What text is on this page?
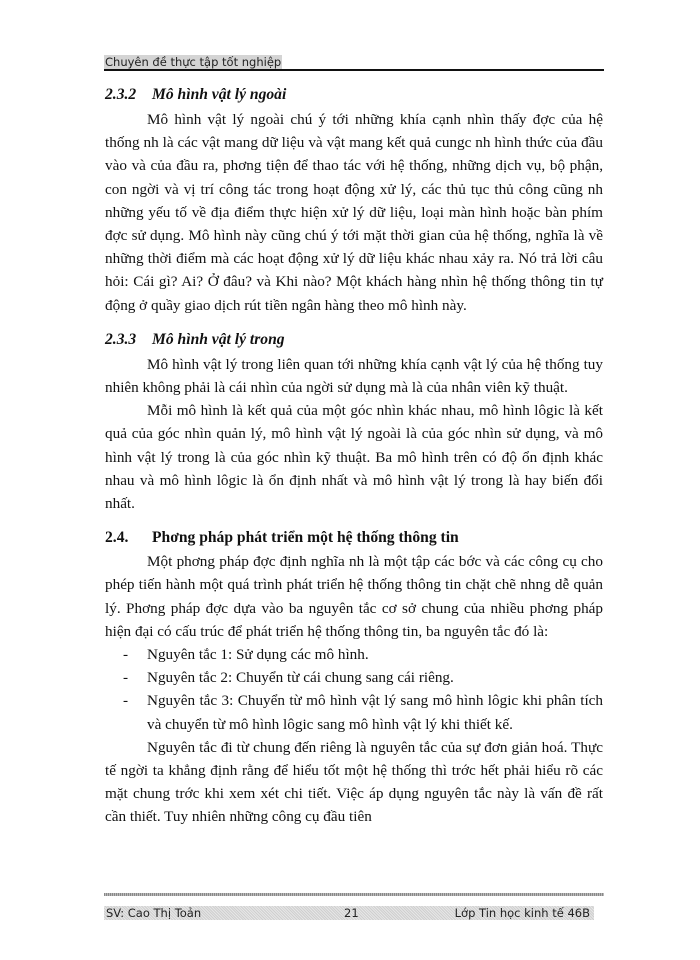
Chuyên đề thực tập tốt nghiệp
2.3.2 Mô hình vật lý ngoài

Mô hình vật lý ngoài chú ý tới những khía cạnh nhìn thấy đợc của hệ thống nh là các vật mang dữ liệu và vật mang kết quả cungc nh hình thức của đầu vào và của đầu ra, phơng tiện để thao tác với hệ thống, những dịch vụ, bộ phận, con ngời và vị trí công tác trong hoạt động xử lý, các thủ tục thủ công cũng nh những yếu tố về địa điểm thực hiện xử lý dữ liệu, loại màn hình hoặc bàn phím đợc sử dụng. Mô hình này cũng chú ý tới mặt thời gian của hệ thống, nghĩa là về những thời điểm mà các hoạt động xử lý dữ liệu khác nhau xảy ra. Nó trả lời câu hỏi: Cái gì? Ai? Ở đâu? và Khi nào? Một khách hàng nhìn hệ thống thông tin tự động ở quầy giao dịch rút tiền ngân hàng theo mô hình này.

2.3.3 Mô hình vật lý trong

Mô hình vật lý trong liên quan tới những khía cạnh vật lý của hệ thống tuy nhiên không phải là cái nhìn của ngời sử dụng mà là của nhân viên kỹ thuật.

Mỗi mô hình là kết quả của một góc nhìn khác nhau, mô hình lôgic là kết quả của góc nhìn quản lý, mô hình vật lý ngoài là của góc nhìn sử dụng, và mô hình vật lý trong là của góc nhìn kỹ thuật. Ba mô hình trên có độ ổn định khác nhau và mô hình lôgic là ổn định nhất và mô hình vật lý trong là hay biến đổi nhất.

2.4. Phơng pháp phát triển một hệ thống thông tin

Một phơng pháp đợc định nghĩa nh là một tập các bớc và các công cụ cho phép tiến hành một quá trình phát triển hệ thống thông tin chặt chẽ nhng dễ quản lý. Phơng pháp đợc dựa vào ba nguyên tắc cơ sở chung của nhiều phơng pháp hiện đại có cấu trúc để phát triển hệ thống thông tin, ba nguyên tắc đó là:

- Nguyên tắc 1: Sử dụng các mô hình.
- Nguyên tắc 2: Chuyển từ cái chung sang cái riêng.
- Nguyên tắc 3: Chuyển từ mô hình vật lý sang mô hình lôgic khi phân tích và chuyển từ mô hình lôgic sang mô hình vật lý khi thiết kế.

Nguyên tắc đi từ chung đến riêng là nguyên tắc của sự đơn giản hoá. Thực tế ngời ta khẳng định rằng để hiểu tốt một hệ thống thì trớc hết phải hiểu rõ các mặt chung trớc khi xem xét chi tiết. Việc áp dụng nguyên tắc này là vấn đề rất cần thiết. Tuy nhiên những công cụ đầu tiên

SV: Cao Thị Toản	21	Lớp Tin học kinh tế 46B
